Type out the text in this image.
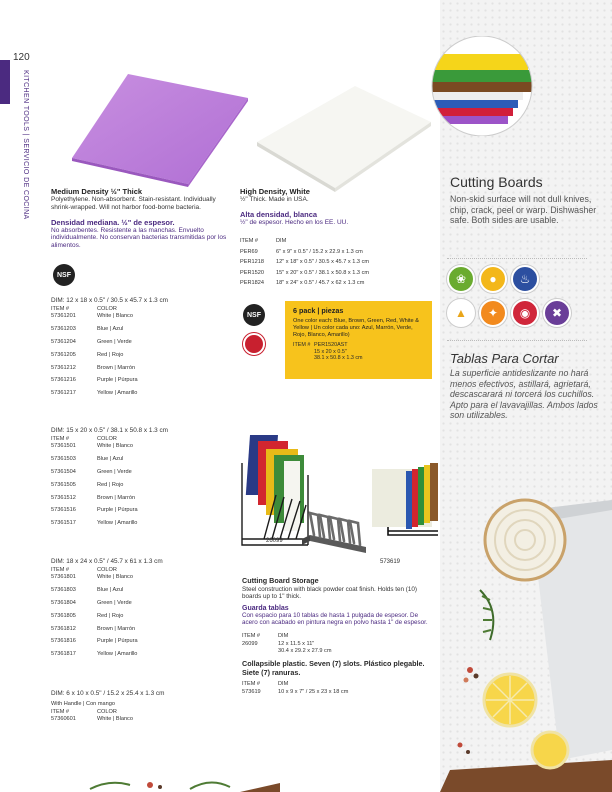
120
KITCHEN TOOLS | SERVICIO DE COCINA	Medium Density ½" Thick
Polyethylene. Non-absorbent. Stain-resistant. Individually shrink-wrapped. Will not harbor food-borne bacteria.
Densidad mediana. ½" de espesor.
No absorbentes. Resistente a las manchas. Envuelto individualmente. No conservan bacterias transmitidas por los alimentos.
NSF
DIM: 12 x 18 x 0.5" / 30.5 x 45.7 x 1.3 cm
ITEM #	COLOR
57361201	White | Blanco
57361203	Blue | Azul
57361204	Green | Verde
57361205	Red | Rojo
57361212	Brown | Marrón
57361216	Purple | Púrpura
57361217	Yellow | Amarillo
DIM: 15 x 20 x 0.5" / 38.1 x 50.8 x 1.3 cm
ITEM #	COLOR
57361501	White | Blanco
57361503	Blue | Azul
57361504	Green | Verde
57361505	Red | Rojo
57361512	Brown | Marrón
57361516	Purple | Púrpura
57361517	Yellow | Amarillo
DIM: 18 x 24 x 0.5" / 45.7 x 61 x 1.3 cm
ITEM #	COLOR
57361801	White | Blanco
57361803	Blue | Azul
57361804	Green | Verde
57361805	Red | Rojo
57361812	Brown | Marrón
57361816	Purple | Púrpura
57361817	Yellow | Amarillo
DIM: 6 x 10 x 0.5" / 15.2 x 25.4 x 1.3 cm
With Handle | Con mango
ITEM #	COLOR
57360601	White | Blanco
High Density, White
½" Thick. Made in USA.
Alta densidad, blanca
½" de espesor. Hecho en los EE. UU.
ITEM #	DIM
PER69	6" x 9" x 0.5" / 15.2 x 22.9 x 1.3 cm
PER1218	12" x 18" x 0.5" / 30.5 x 45.7 x 1.3 cm
PER1520	15" x 20" x 0.5" / 38.1 x 50.8 x 1.3 cm
PER1824	18" x 24" x 0.5" / 45.7 x 62 x 1.3 cm
NSF	6 pack | piezas
One color each: Blue, Brown, Green, Red, White & Yellow | Un color cada uno: Azul, Marrón, Verde, Rojo, Blanco, Amarillo)
ITEM # PER1520AST
15 x 20 x 0.5"
38.1 x 50.8 x 1.3 cm
26099
573619
Cutting Board Storage
Steel construction with black powder coat finish. Holds ten (10) boards up to 1" thick.
Guarda tablas
Con espacio para 10 tablas de hasta 1 pulgada de espesor. De acero con acabado en pintura negra en polvo hasta 1" de espesor.
ITEM #	DIM
26099	12 x 11.5 x 11"
30.4 x 29.2 x 27.9 cm
Collapsible plastic. Seven (7) slots. Plástico plegable. Siete (7) ranuras.
ITEM #	DIM
573619	10 x 9 x 7" / 25 x 23 x 18 cm
Cutting Boards
Non-skid surface will not dull knives, chip, crack, peel or warp. Dishwasher safe. Both sides are usable.
❀	●	♨
▲	✦	◉	✖
Tablas Para Cortar
La superficie antideslizante no hará menos efectivos, astillará, agrietará, descascarará ni torcerá los cuchillos. Apto para el lavavajillas. Ambos lados son utilizables.
